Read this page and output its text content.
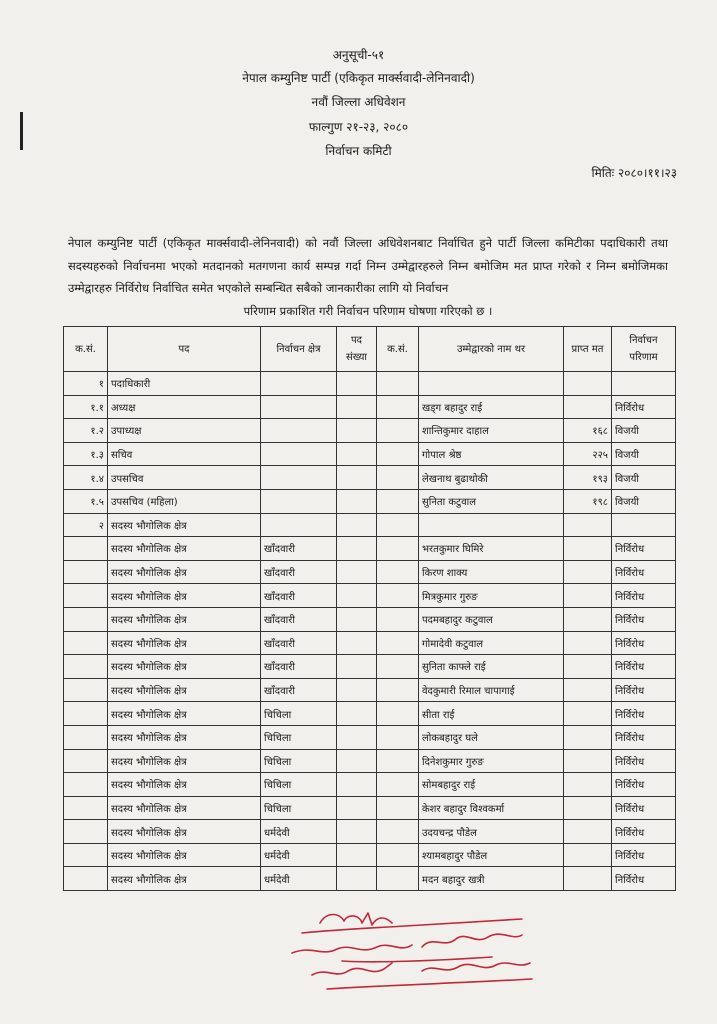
अनुसूची-५१
नेपाल कम्युनिष्ट पार्टी (एकिकृत मार्क्सवादी-लेनिनवादी)
नवौं जिल्ला अधिवेशन
फाल्गुण २१-२३, २०८०
निर्वाचन कमिटी
मितिः २०८०।११।२३
नेपाल कम्युनिष्ट पार्टी (एकिकृत मार्क्सवादी-लेनिनवादी) को नवौं जिल्ला अधिवेशनबाट निर्वाचित हुने पार्टी जिल्ला कमिटीका पदाधिकारी तथा सदस्यहरुको निर्वाचनमा भएको मतदानको मतगणना कार्य सम्पन्न गर्दा निम्न उम्मेद्वारहरुले निम्न बमोजिम मत प्राप्त गरेको र निम्न बमोजिमका उम्मेद्वारहरु निर्विरोध निर्वाचित समेत भएकोले सम्बन्धित सबैको जानकारीका लागि यो निर्वाचन
परिणाम प्रकाशित गरी निर्वाचन परिणाम घोषणा गरिएको छ ।
क.सं.	पद	निर्वाचन क्षेत्र	पद संख्या	क.सं.	उम्मेद्वारको नाम थर	प्राप्त मत	निर्वाचन परिणाम
१	पदाधिकारी						
१.१	अध्यक्ष				खड्ग बहादुर राई		निर्विरोध
१.२	उपाध्यक्ष				शान्तिकुमार दाहाल	१६८	विजयी
१.३	सचिव				गोपाल श्रेष्ठ	२२५	विजयी
१.४	उपसचिव				लेखनाथ बुढाथोकी	१९३	विजयी
१.५	उपसचिव (महिला)				सुनिता कटुवाल	१९८	विजयी
२	सदस्य भौगोलिक क्षेत्र						
	सदस्य भौगोलिक क्षेत्र	खाँदवारी			भरतकुमार घिमिरे		निर्विरोध
	सदस्य भौगोलिक क्षेत्र	खाँदवारी			किरण शाक्य		निर्विरोध
	सदस्य भौगोलिक क्षेत्र	खाँदवारी			मित्रकुमार गुरुङ		निर्विरोध
	सदस्य भौगोलिक क्षेत्र	खाँदवारी			पदमबहादुर कटुवाल		निर्विरोध
	सदस्य भौगोलिक क्षेत्र	खाँदवारी			गोमादेवी कटुवाल		निर्विरोध
	सदस्य भौगोलिक क्षेत्र	खाँदवारी			सुनिता काफ्ले राई		निर्विरोध
	सदस्य भौगोलिक क्षेत्र	खाँदवारी			वेदकुमारी रिमाल चापागाई		निर्विरोध
	सदस्य भौगोलिक क्षेत्र	चिचिला			सीता राई		निर्विरोध
	सदस्य भौगोलिक क्षेत्र	चिचिला			लोकबहादुर घले		निर्विरोध
	सदस्य भौगोलिक क्षेत्र	चिचिला			दिनेशकुमार गुरुङ		निर्विरोध
	सदस्य भौगोलिक क्षेत्र	चिचिला			सोमबहादुर राई		निर्विरोध
	सदस्य भौगोलिक क्षेत्र	चिचिला			केशर बहादुर विश्वकर्मा		निर्विरोध
	सदस्य भौगोलिक क्षेत्र	धर्मदेवी			उदयचन्द्र पौडेल		निर्विरोध
	सदस्य भौगोलिक क्षेत्र	धर्मदेवी			श्यामबहादुर पौडेल		निर्विरोध
	सदस्य भौगोलिक क्षेत्र	धर्मदेवी			मदन बहादुर खत्री		निर्विरोध
प्रमुख निर्वाचन अधिकृत अधिकृत
